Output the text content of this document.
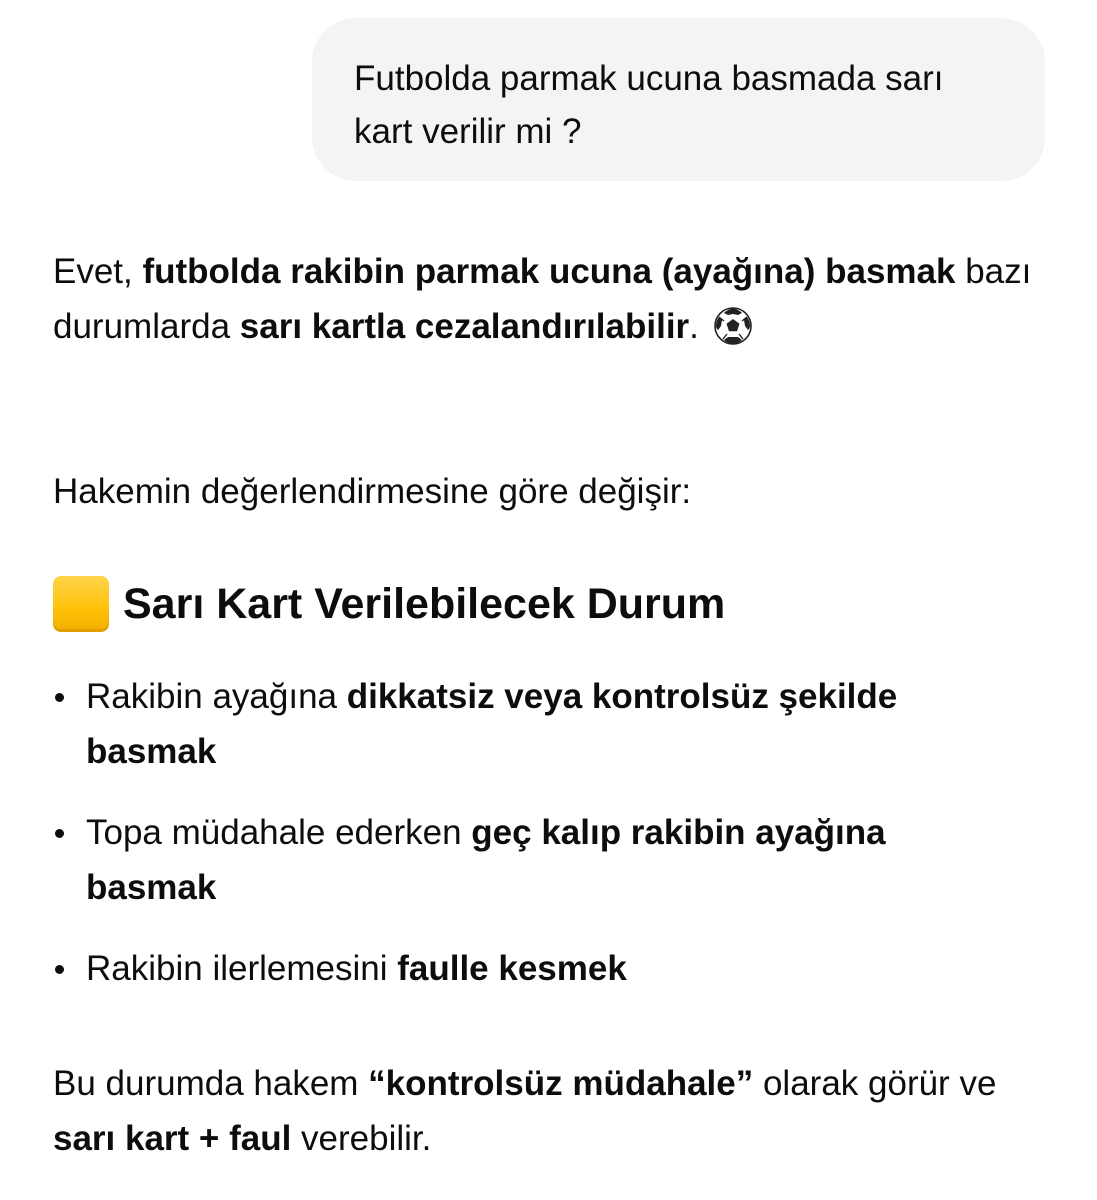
Futbolda parmak ucuna basmada sarı kart verilir mi ?

Evet, futbolda rakibin parmak ucuna (ayağına) basmak bazı durumlarda sarı kartla cezalandırılabilir.

Hakemin değerlendirmesine göre değişir:

Sarı Kart Verilebilecek Durum
Rakibin ayağına dikkatsiz veya kontrolsüz şekilde basmak
Topa müdahale ederken geç kalıp rakibin ayağına basmak
Rakibin ilerlemesini faulle kesmek

Bu durumda hakem “kontrolsüz müdahale” olarak görür ve sarı kart + faul verebilir.
